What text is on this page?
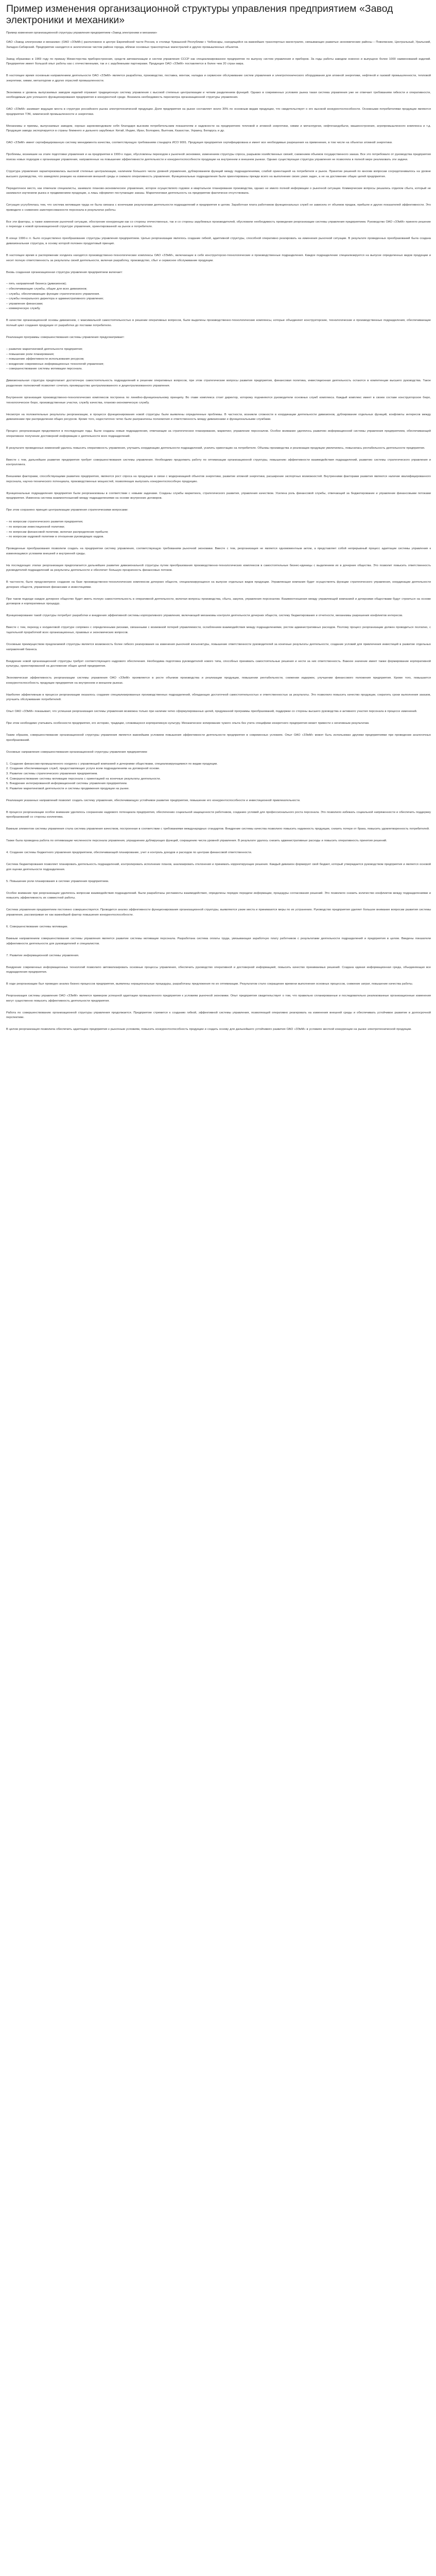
Пример изменения организационной структуры управления предприятием «Завод электроники и механики»
Пример изменения организационной структуры управления предприятием «Завод электроники и механики»

ОАО «Завод электроники и механики» (ОАО «ЗЭиМ») расположено в центре Европейской части России, в столице Чувашской Республики г. Чебоксары, находящейся на важнейших транспортных магистралях, связывающих развитые экономические районы – Поволжские, Центральный, Уральский, Западно-Сибирский. Предприятие находится в экологически чистом районе города, вблизи основных транспортных магистралей и других промышленных объектов.

Завод образован в 1969 году по приказу Министерства приборостроения, средств автоматизации и систем управления СССР как специализированное предприятие по выпуску систем управления и приборов. За годы работы заводом освоено и выпущено более 1000 наименований изделий. Предприятие имеет большой опыт работы как с отечественными, так и с зарубежными партнерами. Продукция ОАО «ЗЭиМ» поставляется в более чем 20 стран мира.

В настоящее время основным направлением деятельности ОАО «ЗЭиМ» является разработка, производство, поставка, монтаж, наладка и сервисное обслуживание систем управления и электротехнического оборудования для атомной энергетики, нефтяной и газовой промышленности, тепловой энергетики, химии, металлургии и других отраслей промышленности.

Экономика и уровень выпускаемых заводом изделий отражает традиционную систему управления с высокой степенью централизации и четким разделением функций. Однако в современных условиях рынка такая система управления уже не отвечает требованиям гибкости и оперативности, необходимым для успешного функционирования предприятия в конкурентной среде. Возникла необходимость пересмотра организационной структуры управления.

ОАО «ЗЭиМ» занимает ведущие места в структуре российского рынка электротехнической продукции. Доля предприятия на рынке составляет около 30% по основным видам продукции, что свидетельствует о его высокой конкурентоспособности. Основными потребителями продукции являются предприятия ТЭК, химической промышленности и энергетики.

Механизмы и приемы, выпускаемые заводом, хорошо зарекомендовали себя благодаря высоким потребительским показателям и надежности на предприятиях тепловой и атомной энергетики, химии и металлургии, нефтегазодобычи, машиностроения, агропромышленного комплекса и т.д. Продукция завода экспортируется в страны ближнего и дальнего зарубежья: Китай, Индию, Иран, Болгарию, Вьетнам, Казахстан, Украину, Беларусь и др.

ОАО «ЗЭиМ» имеет сертифицированную систему менеджмента качества, соответствующую требованиям стандарта ИСО 9001. Продукция предприятия сертифицирована и имеет все необходимые разрешения на применение, в том числе на объектах атомной энергетики.

Проблемы, возникшие на этапе подготовки управления и на предприятии в 1990-х годах, обусловлены переходом к рыночной экономике, изменением структуры спроса, разрывом хозяйственных связей, снижением объемов государственного заказа. Все это потребовало от руководства предприятия поиска новых подходов к организации управления, направленных на повышение эффективности деятельности и конкурентоспособности продукции на внутреннем и внешнем рынках. Однако существующая структура управления не позволяла в полной мере реализовать эти задачи.

Структура управления характеризовалась высокой степенью централизации, наличием большого числа уровней управления, дублированием функций между подразделениями, слабой ориентацией на потребителя и рынок. Принятие решений по многим вопросам сосредотачивалось на уровне высшего руководства, что замедляло реакцию на изменения внешней среды и снижало оперативность управления. Функциональные подразделения были ориентированы прежде всего на выполнение своих узких задач, а не на достижение общих целей предприятия.

Передаточное место, как отмечали специалисты, занимало планово-экономическое управление, которое осуществляло годовое и квартальное планирование производства, однако не имело полной информации о рыночной ситуации. Коммерческие вопросы решались отделом сбыта, который не занимался изучением рынка и продвижением продукции, а лишь оформлял поступающие заказы. Маркетинговая деятельность на предприятии фактически отсутствовала.

Ситуация усугублялась тем, что система мотивации труда не была связана с конечными результатами деятельности подразделений и предприятия в целом. Заработная плата работников функциональных служб не зависела от объемов продаж, прибыли и других показателей эффективности. Это приводило к снижению заинтересованности персонала в результатах работы.

Все эти факторы, а также изменение рыночной ситуации, обострение конкуренции как со стороны отечественных, так и со стороны зарубежных производителей, обусловили необходимость проведения реорганизации системы управления предприятием. Руководство ОАО «ЗЭиМ» приняло решение о переходе к новой организационной структуре управления, ориентированной на рынок и потребителя.

В конце 1990-х гг. было осуществлено преобразование структуры управления предприятием. Целью реорганизации являлось создание гибкой, адаптивной структуры, способной оперативно реагировать на изменения рыночной ситуации. В результате проведенных преобразований была создана дивизиональная структура, в основу которой положен продуктовый принцип.

В настоящее время в распоряжении холдинга находятся производственно-технологические комплексы ОАО «ЗЭиМ», включающие в себя конструкторско-технологические и производственные подразделения. Каждое подразделение специализируется на выпуске определенных видов продукции и несет полную ответственность за результаты своей деятельности, включая разработку, производство, сбыт и сервисное обслуживание продукции.

Вновь созданная организационная структура управления предприятием включает:

– пять направлений бизнеса (дивизионов);

– обеспечивающие службы, общие для всех дивизионов;

– службы, обеспечивающие функции стратегического управления.

– службы генерального директора и административного управления;

– управление финансами;

– коммерческую службу.

В качестве организационной основы дивизионов, с максимальной самостоятельностью в решении оперативных вопросов, были выделены производственно-технологические комплексы, которые объединяют конструкторские, технологические и производственные подразделения, обеспечивающие полный цикл создания продукции от разработки до поставки потребителю.

Реализация программы совершенствования системы управления предусматривает:

– развитие маркетинговой деятельности предприятия;

– повышение роли планирования;

– повышение эффективности использования ресурсов;

– внедрение современных информационных технологий управления;

– совершенствование системы мотивации персонала.

Дивизиональная структура предполагает достаточную самостоятельность подразделений в решении оперативных вопросов, при этом стратегические вопросы развития предприятия, финансовая политика, инвестиционная деятельность остаются в компетенции высшего руководства. Такое разделение полномочий позволяет сочетать преимущества централизованного и децентрализованного управления.

Внутренняя организация производственно-технологических комплексов построена по линейно-функциональному принципу. Во главе комплекса стоит директор, которому подчиняются руководители основных служб комплекса. Каждый комплекс имеет в своем составе конструкторское бюро, технологическое бюро, производственные участки, службу качества, планово-экономическую службу.

Несмотря на положительные результаты реорганизации, в процессе функционирования новой структуры были выявлены определенные проблемы. В частности, возникли сложности в координации деятельности дивизионов, дублирование отдельных функций, конфликты интересов между дивизионами при распределении общих ресурсов. Кроме того, недостаточно четко были разграничены полномочия и ответственность между дивизионами и функциональными службами.

Процесс реорганизации продолжился в последующие годы. Были созданы новые подразделения, отвечающие за стратегическое планирование, маркетинг, управление персоналом. Особое внимание уделялось развитию информационной системы управления предприятием, обеспечивающей оперативное получение достоверной информации о деятельности всех подразделений.

В результате проведенных изменений удалось повысить оперативность управления, улучшить координацию деятельности подразделений, усилить ориентацию на потребителя. Объемы производства и реализации продукции увеличились, повысилась рентабельность деятельности предприятия.

Вместе с тем, дальнейшее развитие предприятия требует совершенствования системы управления. Необходимо продолжить работу по оптимизации организационной структуры, повышению эффективности взаимодействия подразделений, развитию системы стратегического управления и контроллинга.

Внешними факторами, способствующими развитию предприятия, являются рост спроса на продукцию в связи с модернизацией объектов энергетики, развитие атомной энергетики, расширение экспортных возможностей. Внутренними факторами развития являются наличие квалифицированного персонала, научно-технического потенциала, производственных мощностей, позволяющих выпускать конкурентоспособную продукцию.

Функциональные подразделения предприятия были реорганизованы в соответствии с новыми задачами. Созданы службы маркетинга, стратегического развития, управления качеством. Усилена роль финансовой службы, отвечающей за бюджетирование и управление финансовыми потоками предприятия. Изменена система взаимоотношений между подразделениями на основе внутренних договоров.

При этом сохранено принцип централизации управления стратегическими вопросами:

– по вопросам стратегического развития предприятия;

– по вопросам инвестиционной политики;

– по вопросам финансовой политики, включая распределение прибыли;

– по вопросам кадровой политики в отношении руководящих кадров.

Проведенные преобразования позволили создать на предприятии систему управления, соответствующую требованиям рыночной экономики. Вместе с тем, реорганизация не является одномоментным актом, а представляет собой непрерывный процесс адаптации системы управления к изменяющимся условиям внешней и внутренней среды.

На последующих этапах реорганизации предполагается дальнейшее развитие дивизиональной структуры путем преобразования производственно-технологических комплексов в самостоятельные бизнес-единицы с выделением их в дочерние общества. Это позволит повысить ответственность руководителей подразделений за результаты деятельности и обеспечит большую прозрачность финансовых потоков.

В частности, было предусмотрено создание на базе производственно-технологических комплексов дочерних обществ, специализирующихся на выпуске отдельных видов продукции. Управляющая компания будет осуществлять функции стратегического управления, координации деятельности дочерних обществ, управления финансами и инвестициями.

При таком подходе каждое дочернее общество будет иметь полную самостоятельность в оперативной деятельности, включая вопросы производства, сбыта, закупок, управления персоналом. Взаимоотношения между управляющей компанией и дочерними обществами будут строиться на основе договоров и корпоративных процедур.

Функционирование такой структуры потребует разработки и внедрения эффективной системы корпоративного управления, включающей механизмы контроля деятельности дочерних обществ, систему бюджетирования и отчетности, механизмы разрешения конфликтов интересов.

Вместе с тем, переход к холдинговой структуре сопряжен с определенными рисками, связанными с возможной потерей управляемости, ослаблением взаимодействия между подразделениями, ростом административных расходов. Поэтому процесс реорганизации должен проводиться поэтапно, с тщательной проработкой всех организационных, правовых и экономических вопросов.

Основным преимуществом предлагаемой структуры является возможность более гибкого реагирования на изменения рыночной конъюнктуры, повышение ответственности руководителей за конечные результаты деятельности, создание условий для привлечения инвестиций в развитие отдельных направлений бизнеса.

Внедрение новой организационной структуры требует соответствующего кадрового обеспечения. Необходима подготовка руководителей нового типа, способных принимать самостоятельные решения и нести за них ответственность. Важное значение имеет также формирование корпоративной культуры, ориентированной на достижение общих целей предприятия.

Экономическая эффективность реорганизации системы управления ОАО «ЗЭиМ» проявляется в росте объемов производства и реализации продукции, повышении рентабельности, снижении издержек, улучшении финансового положения предприятия. Кроме того, повышается конкурентоспособность продукции предприятия на внутреннем и внешнем рынках.

Наиболее эффективным в процессе реорганизации оказалось создание специализированных производственных подразделений, обладающих достаточной самостоятельностью и ответственностью за результаты. Это позволило повысить качество продукции, сократить сроки выполнения заказов, улучшить обслуживание потребителей.

Опыт ОАО «ЗЭиМ» показывает, что успешная реорганизация системы управления возможна только при наличии четко сформулированных целей, продуманной программы преобразований, поддержки со стороны высшего руководства и активного участия персонала в процессе изменений.

При этом необходимо учитывать особенности предприятия, его историю, традиции, сложившуюся корпоративную культуру. Механическое копирование чужого опыта без учета специфики конкретного предприятия может привести к негативным результатам.

Таким образом, совершенствование организационной структуры управления является важнейшим условием повышения эффективности деятельности предприятия в современных условиях. Опыт ОАО «ЗЭиМ» может быть использован другими предприятиями при проведении аналогичных преобразований.

Основные направления совершенствования организационной структуры управления предприятием:

1. Создание финансово-промышленного холдинга с управляющей компанией и дочерними обществами, специализирующимися по видам продукции.

2. Создание обеспечивающих служб, предоставляющих услуги всем подразделениям на договорной основе.

3. Развитие системы стратегического управления предприятием.

4. Совершенствование системы мотивации персонала с ориентацией на конечные результаты деятельности.

5. Внедрение интегрированной информационной системы управления предприятием.

6. Развитие маркетинговой деятельности и системы продвижения продукции на рынке.

Реализация указанных направлений позволит создать систему управления, обеспечивающую устойчивое развитие предприятия, повышение его конкурентоспособности и инвестиционной привлекательности.

В процессе реорганизации особое внимание уделялось сохранению кадрового потенциала предприятия, обеспечению социальной защищенности работников, созданию условий для профессионального роста персонала. Это позволило избежать социальной напряженности и обеспечить поддержку преобразований со стороны коллектива.

Важным элементом системы управления стала система управления качеством, построенная в соответствии с требованиями международных стандартов. Внедрение системы качества позволило повысить надежность продукции, снизить потери от брака, повысить удовлетворенность потребителей.

Также была проведена работа по оптимизации численности персонала управления, упразднению дублирующих функций, сокращению числа уровней управления. В результате удалось снизить административные расходы и повысить оперативность принятия решений.

4. Создание системы бюджетного управления предприятием, обеспечивающей планирование, учет и контроль доходов и расходов по центрам финансовой ответственности.

Система бюджетирования позволяет планировать деятельность подразделений, контролировать исполнение планов, анализировать отклонения и принимать корректирующие решения. Каждый дивизион формирует свой бюджет, который утверждается руководством предприятия и является основой для оценки деятельности подразделения.

5. Повышение роли планирования в системе управления предприятием.

Особое внимание при реорганизации уделялось вопросам взаимодействия подразделений. Были разработаны регламенты взаимодействия, определены порядок передачи информации, процедуры согласования решений. Это позволило снизить количество конфликтов между подразделениями и повысить эффективность их совместной работы.

Система управления предприятием постоянно совершенствуется. Проводится анализ эффективности функционирования организационной структуры, выявляются узкие места и принимаются меры по их устранению. Руководство предприятия уделяет большое внимание вопросам развития системы управления, рассматривая ее как важнейший фактор повышения конкурентоспособности.

6. Совершенствование системы мотивации.

Важным направлением совершенствования системы управления является развитие системы мотивации персонала. Разработана система оплаты труда, увязывающая заработную плату работников с результатами деятельности подразделений и предприятия в целом. Введены показатели эффективности деятельности для руководителей и специалистов.

7. Развитие информационной системы управления.

Внедрение современных информационных технологий позволило автоматизировать основные процессы управления, обеспечить руководство оперативной и достоверной информацией, повысить качество принимаемых решений. Создана единая информационная среда, объединяющая все подразделения предприятия.

В ходе реорганизации был проведен анализ бизнес-процессов предприятия, выявлены нерациональные процедуры, разработаны предложения по их оптимизации. Результатом стало сокращение времени выполнения основных процессов, снижение затрат, повышение качества работы.

Реорганизация системы управления ОАО «ЗЭиМ» является примером успешной адаптации промышленного предприятия к условиям рыночной экономики. Опыт предприятия свидетельствует о том, что правильно спланированные и последовательно реализованные организационные изменения могут существенно повысить эффективность деятельности предприятия.

Работа по совершенствованию организационной структуры управления продолжается. Предприятие стремится к созданию гибкой, эффективной системы управления, позволяющей оперативно реагировать на изменения внешней среды и обеспечивать устойчивое развитие в долгосрочной перспективе.

В целом реорганизация позволила обеспечить адаптацию предприятия к рыночным условиям, повысить конкурентоспособность продукции и создать основу для дальнейшего устойчивого развития ОАО «ЗЭиМ» в условиях жесткой конкуренции на рынке электротехнической продукции.
